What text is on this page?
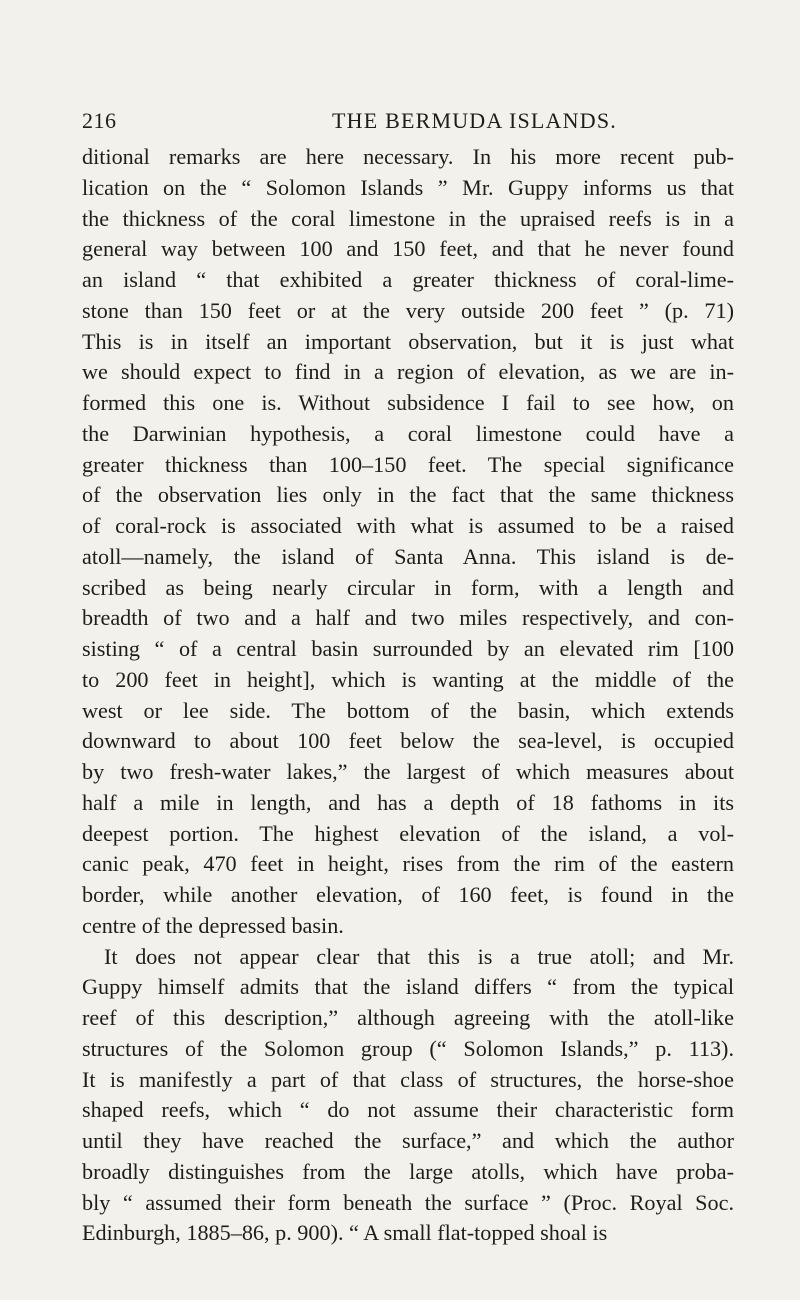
216	THE BERMUDA ISLANDS.
ditional remarks are here necessary. In his more recent pub-
lication on the “ Solomon Islands ” Mr. Guppy informs us that
the thickness of the coral limestone in the upraised reefs is in a
general way between 100 and 150 feet, and that he never found
an island “ that exhibited a greater thickness of coral-lime-
stone than 150 feet or at the very outside 200 feet ” (p. 71)
This is in itself an important observation, but it is just what
we should expect to find in a region of elevation, as we are in-
formed this one is. Without subsidence I fail to see how, on
the Darwinian hypothesis, a coral limestone could have a
greater thickness than 100–150 feet. The special significance
of the observation lies only in the fact that the same thickness
of coral-rock is associated with what is assumed to be a raised
atoll—namely, the island of Santa Anna. This island is de-
scribed as being nearly circular in form, with a length and
breadth of two and a half and two miles respectively, and con-
sisting “ of a central basin surrounded by an elevated rim [100
to 200 feet in height], which is wanting at the middle of the
west or lee side. The bottom of the basin, which extends
downward to about 100 feet below the sea-level, is occupied
by two fresh-water lakes,” the largest of which measures about
half a mile in length, and has a depth of 18 fathoms in its
deepest portion. The highest elevation of the island, a vol-
canic peak, 470 feet in height, rises from the rim of the eastern
border, while another elevation, of 160 feet, is found in the
centre of the depressed basin.
It does not appear clear that this is a true atoll; and Mr.
Guppy himself admits that the island differs “ from the typical
reef of this description,” although agreeing with the atoll-like
structures of the Solomon group (“ Solomon Islands,” p. 113).
It is manifestly a part of that class of structures, the horse-shoe
shaped reefs, which “ do not assume their characteristic form
until they have reached the surface,” and which the author
broadly distinguishes from the large atolls, which have proba-
bly “ assumed their form beneath the surface ” (Proc. Royal Soc.
Edinburgh, 1885–86, p. 900). “ A small flat-topped shoal is
